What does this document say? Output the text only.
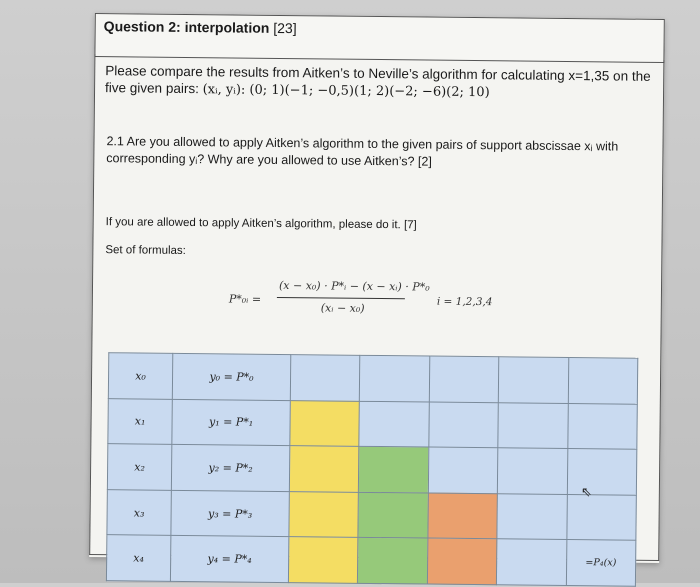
Question 2: interpolation [23]
Please compare the results from Aitken’s to Neville’s algorithm for calculating x=1,35 on the five given pairs: (xᵢ, yᵢ): (0; 1)(−1; −0,5)(1; 2)(−2; −6)(2; 10)
2.1 Are you allowed to apply Aitken’s algorithm to the given pairs of support abscissae xᵢ with corresponding yᵢ? Why are you allowed to use Aitken’s? [2]
If you are allowed to apply Aitken’s algorithm, please do it. [7]
Set of formulas:
P*₀ᵢ =
(x − x₀) · P*ᵢ − (x − xᵢ) · P*₀
(xᵢ − x₀)	i = 1,2,3,4
x₀	y₀ = P*₀					
x₁	y₁ = P*₁					
x₂	y₂ = P*₂					
x₃	y₃ = P*₃					
x₄	y₄ = P*₄					=P₄(x)
⇖
